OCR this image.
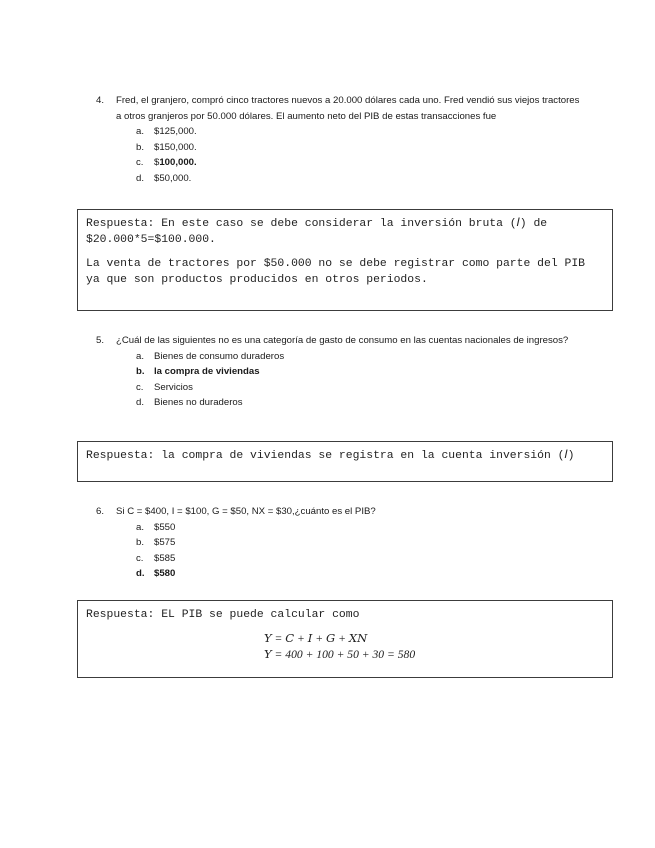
4. Fred, el granjero, compró cinco tractores nuevos a 20.000 dólares cada uno. Fred vendió sus viejos tractores a otros granjeros por 50.000 dólares. El aumento neto del PIB de estas transacciones fue
a. $125,000.
b. $150,000.
c. $100,000.
d. $50,000.

Respuesta: En este caso se debe considerar la inversión bruta (𝐼) de $20.000*5=$100.000.

La venta de tractores por $50.000 no se debe registrar como parte del PIB ya que son productos producidos en otros periodos.

5. ¿Cuál de las siguientes no es una categoría de gasto de consumo en las cuentas nacionales de ingresos?
a. Bienes de consumo duraderos
b. la compra de viviendas
c. Servicios
d. Bienes no duraderos

Respuesta: la compra de viviendas se registra en la cuenta inversión (𝐼)

6. Si C = $400, I = $100, G = $50, NX = $30,¿cuánto es el PIB?
a. $550
b. $575
c. $585
d. $580

Respuesta: EL PIB se puede calcular como

𝑌 = 𝐶 + 𝐼 + 𝐺 + 𝑋𝑁
𝑌 = 400 + 100 + 50 + 30 = 580
